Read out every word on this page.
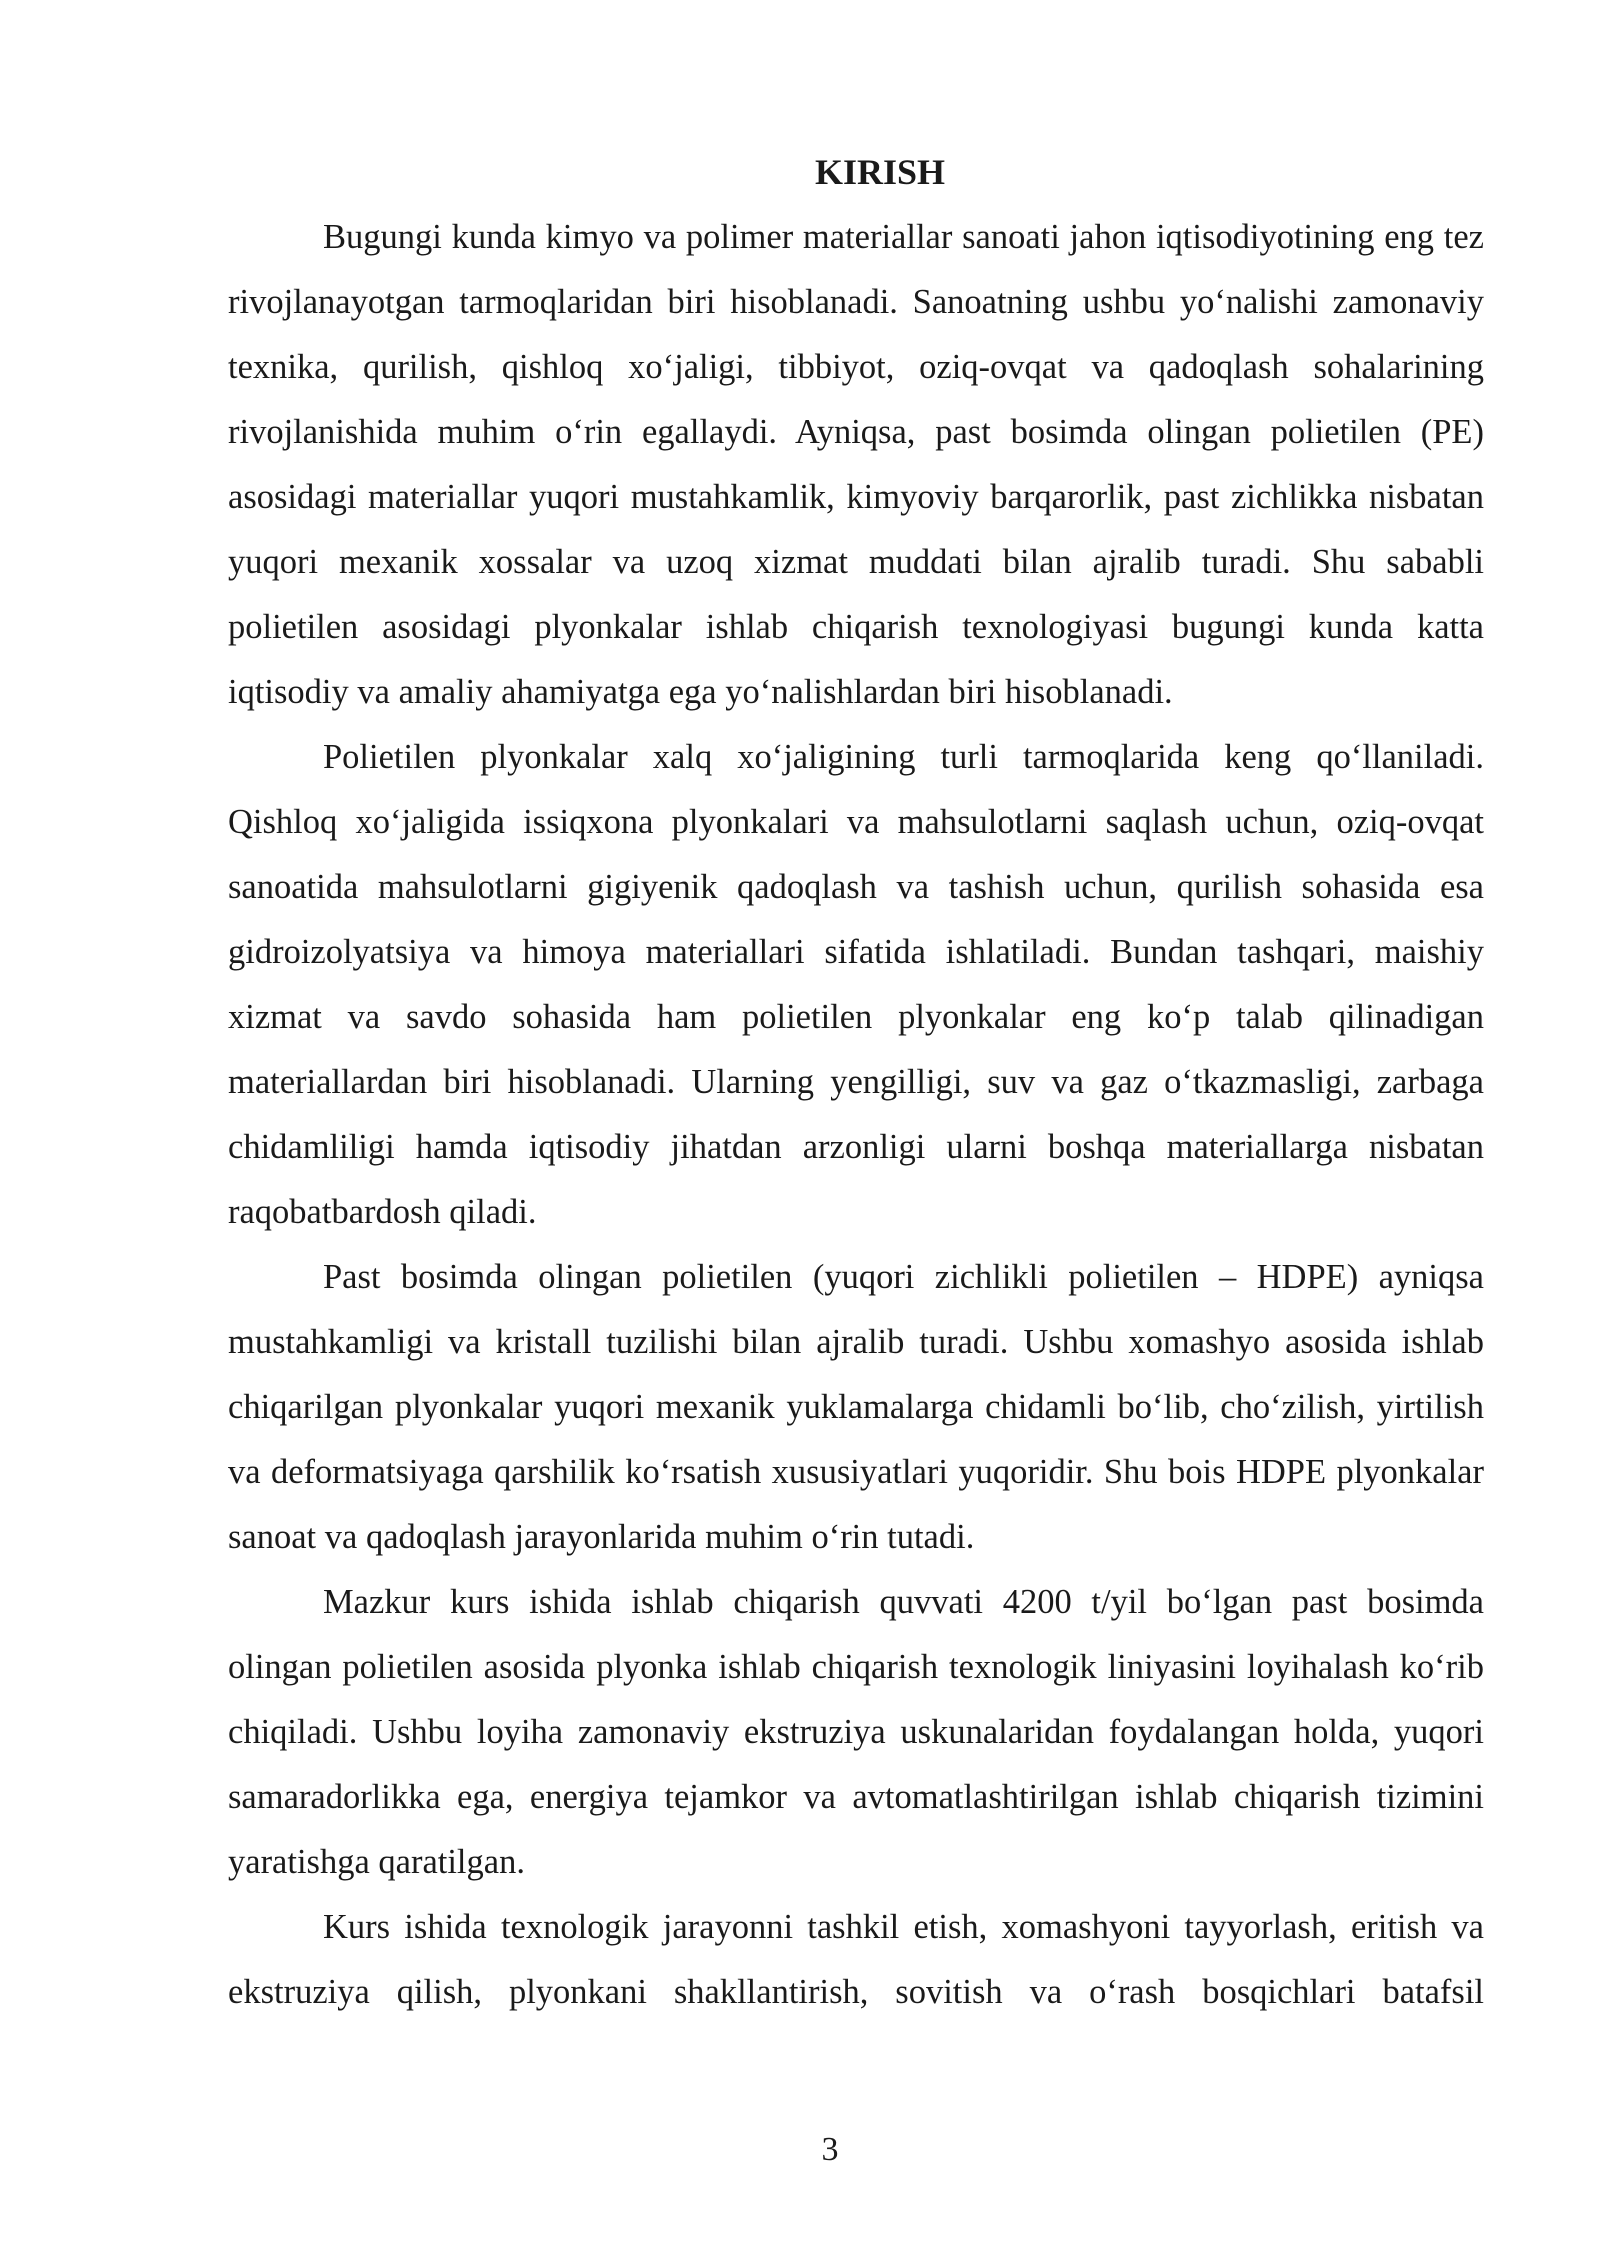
KIRISH

Bugungi kunda kimyo va polimer materiallar sanoati jahon iqtisodiyotining eng tez rivojlanayotgan tarmoqlaridan biri hisoblanadi. Sanoatning ushbu yo‘nalishi zamonaviy texnika, qurilish, qishloq xo‘jaligi, tibbiyot, oziq-ovqat va qadoqlash sohalarining rivojlanishida muhim o‘rin egallaydi. Ayniqsa, past bosimda olingan polietilen (PE) asosidagi materiallar yuqori mustahkamlik, kimyoviy barqarorlik, past zichlikka nisbatan yuqori mexanik xossalar va uzoq xizmat muddati bilan ajralib turadi. Shu sababli polietilen asosidagi plyonkalar ishlab chiqarish texnologiyasi bugungi kunda katta iqtisodiy va amaliy ahamiyatga ega yo‘nalishlardan biri hisoblanadi.

Polietilen plyonkalar xalq xo‘jaligining turli tarmoqlarida keng qo‘llaniladi. Qishloq xo‘jaligida issiqxona plyonkalari va mahsulotlarni saqlash uchun, oziq-ovqat sanoatida mahsulotlarni gigiyenik qadoqlash va tashish uchun, qurilish sohasida esa gidroizolyatsiya va himoya materiallari sifatida ishlatiladi. Bundan tashqari, maishiy xizmat va savdo sohasida ham polietilen plyonkalar eng ko‘p talab qilinadigan materiallardan biri hisoblanadi. Ularning yengilligi, suv va gaz o‘tkazmasligi, zarbaga chidamliligi hamda iqtisodiy jihatdan arzonligi ularni boshqa materiallarga nisbatan raqobatbardosh qiladi.

Past bosimda olingan polietilen (yuqori zichlikli polietilen – HDPE) ayniqsa mustahkamligi va kristall tuzilishi bilan ajralib turadi. Ushbu xomashyo asosida ishlab chiqarilgan plyonkalar yuqori mexanik yuklamalarga chidamli bo‘lib, cho‘zilish, yirtilish va deformatsiyaga qarshilik ko‘rsatish xususiyatlari yuqoridir. Shu bois HDPE plyonkalar sanoat va qadoqlash jarayonlarida muhim o‘rin tutadi.

Mazkur kurs ishida ishlab chiqarish quvvati 4200 t/yil bo‘lgan past bosimda olingan polietilen asosida plyonka ishlab chiqarish texnologik liniyasini loyihalash ko‘rib chiqiladi. Ushbu loyiha zamonaviy ekstruziya uskunalaridan foydalangan holda, yuqori samaradorlikka ega, energiya tejamkor va avtomatlashtirilgan ishlab chiqarish tizimini yaratishga qaratilgan.

Kurs ishida texnologik jarayonni tashkil etish, xomashyoni tayyorlash, eritish va ekstruziya qilish, plyonkani shakllantirish, sovitish va o‘rash bosqichlari batafsil

3
